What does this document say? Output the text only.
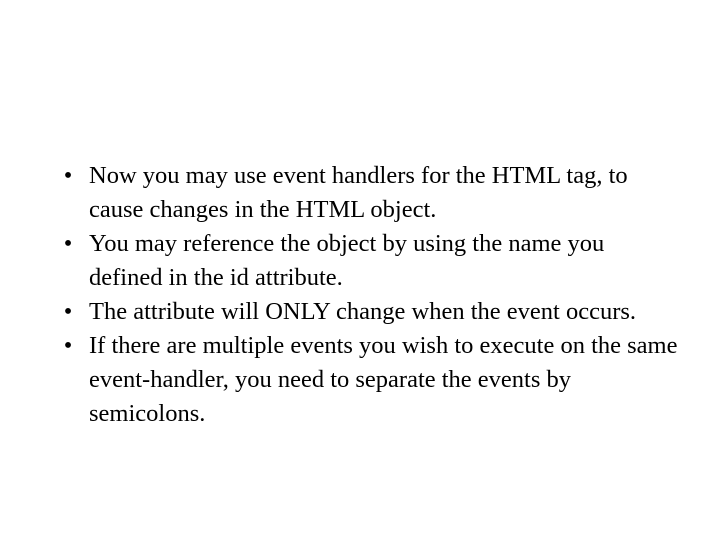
• Now you may use event handlers for the HTML tag, to cause changes in the HTML object.
• You may reference the object by using the name you defined in the id attribute.
• The attribute will ONLY change when the event occurs.
• If there are multiple events you wish to execute on the same event-handler, you need to separate the events by semicolons.
